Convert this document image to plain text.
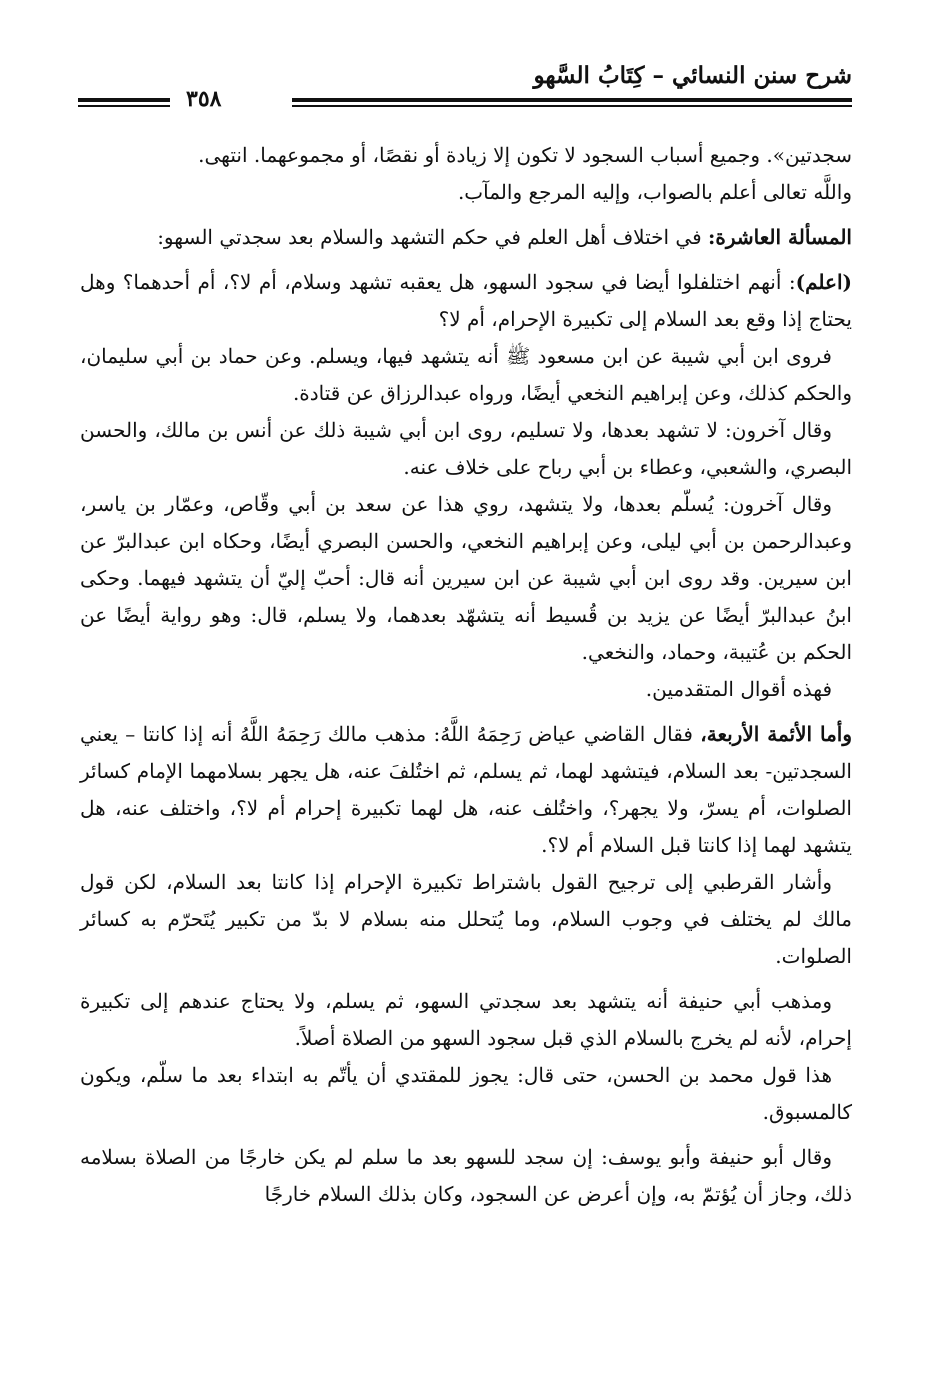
شرح سنن النسائي – كِتَابُ السَّهو
٣٥٨

سجدتين». وجميع أسباب السجود لا تكون إلا زيادة أو نقصًا، أو مجموعهما. انتهى.

واللَّه تعالى أعلم بالصواب، وإليه المرجع والمآب.

المسألة العاشرة: في اختلاف أهل العلم في حكم التشهد والسلام بعد سجدتي السهو:

(اعلم): أنهم اختلفلوا أيضا في سجود السهو، هل يعقبه تشهد وسلام، أم لا؟، أم أحدهما؟ وهل يحتاج إذا وقع بعد السلام إلى تكبيرة الإحرام، أم لا؟

فروى ابن أبي شيبة عن ابن مسعود ﷺ أنه يتشهد فيها، ويسلم. وعن حماد بن أبي سليمان، والحكم كذلك، وعن إبراهيم النخعي أيضًا، ورواه عبدالرزاق عن قتادة.

وقال آخرون: لا تشهد بعدها، ولا تسليم، روى ابن أبي شيبة ذلك عن أنس بن مالك، والحسن البصري، والشعبي، وعطاء بن أبي رباح على خلاف عنه.

وقال آخرون: يُسلّم بعدها، ولا يتشهد، روي هذا عن سعد بن أبي وقّاص، وعمّار بن ياسر، وعبدالرحمن بن أبي ليلى، وعن إبراهيم النخعي، والحسن البصري أيضًا، وحكاه ابن عبدالبرّ عن ابن سيرين. وقد روى ابن أبي شيبة عن ابن سيرين أنه قال: أحبّ إليّ أن يتشهد فيهما. وحكى ابنُ عبدالبرّ أيضًا عن يزيد بن قُسيط أنه يتشهّد بعدهما، ولا يسلم، قال: وهو رواية أيضًا عن الحكم بن عُتيبة، وحماد، والنخعي.

فهذه أقوال المتقدمين.

وأما الأئمة الأربعة، فقال القاضي عياض رَحِمَهُ اللَّهُ: مذهب مالك رَحِمَهُ اللَّهُ أنه إذا كانتا – يعني السجدتين- بعد السلام، فيتشهد لهما، ثم يسلم، ثم اختُلفَ عنه، هل يجهر بسلامهما الإمام كسائر الصلوات، أم يسرّ، ولا يجهر؟، واختُلف عنه، هل لهما تكبيرة إحرام أم لا؟، واختلف عنه، هل يتشهد لهما إذا كانتا قبل السلام أم لا؟.

وأشار القرطبي إلى ترجيح القول باشتراط تكبيرة الإحرام إذا كانتا بعد السلام، لكن قول مالك لم يختلف في وجوب السلام، وما يُتحلل منه بسلام لا بدّ من تكبير يُتَحرّم به كسائر الصلوات.

ومذهب أبي حنيفة أنه يتشهد بعد سجدتي السهو، ثم يسلم، ولا يحتاج عندهم إلى تكبيرة إحرام، لأنه لم يخرج بالسلام الذي قبل سجود السهو من الصلاة أصلاً.

هذا قول محمد بن الحسن، حتى قال: يجوز للمقتدي أن يأتّم به ابتداء بعد ما سلّم، ويكون كالمسبوق.

وقال أبو حنيفة وأبو يوسف: إن سجد للسهو بعد ما سلم لم يكن خارجًا من الصلاة بسلامه ذلك، وجاز أن يُؤتمّ به، وإن أعرض عن السجود، وكان بذلك السلام خارجًا
